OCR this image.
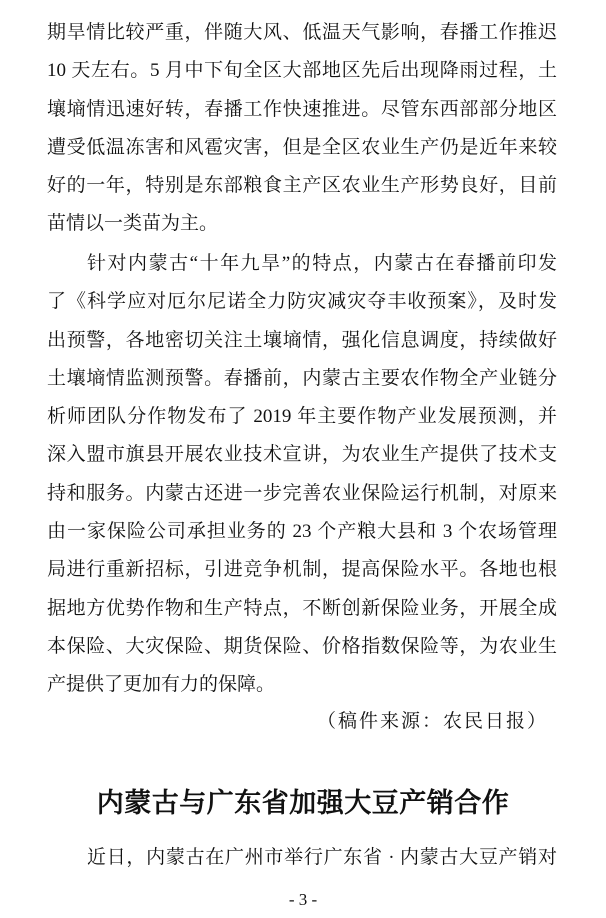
期旱情比较严重，伴随大风、低温天气影响，春播工作推迟
10 天左右。5 月中下旬全区大部地区先后出现降雨过程，土
壤墒情迅速好转，春播工作快速推进。尽管东西部部分地区
遭受低温冻害和风雹灾害，但是全区农业生产仍是近年来较
好的一年，特别是东部粮食主产区农业生产形势良好，目前
苗情以一类苗为主。
针对内蒙古“十年九旱”的特点，内蒙古在春播前印发
了《科学应对厄尔尼诺全力防灾减灾夺丰收预案》，及时发
出预警，各地密切关注土壤墒情，强化信息调度，持续做好
土壤墒情监测预警。春播前，内蒙古主要农作物全产业链分
析师团队分作物发布了 2019 年主要作物产业发展预测，并
深入盟市旗县开展农业技术宣讲，为农业生产提供了技术支
持和服务。内蒙古还进一步完善农业保险运行机制，对原来
由一家保险公司承担业务的 23 个产粮大县和 3 个农场管理
局进行重新招标，引进竞争机制，提高保险水平。各地也根
据地方优势作物和生产特点，不断创新保险业务，开展全成
本保险、大灾保险、期货保险、价格指数保险等，为农业生
产提供了更加有力的保障。
（稿件来源：农民日报）
内蒙古与广东省加强大豆产销合作
近日，内蒙古在广州市举行广东省 · 内蒙古大豆产销对
- 3 -
